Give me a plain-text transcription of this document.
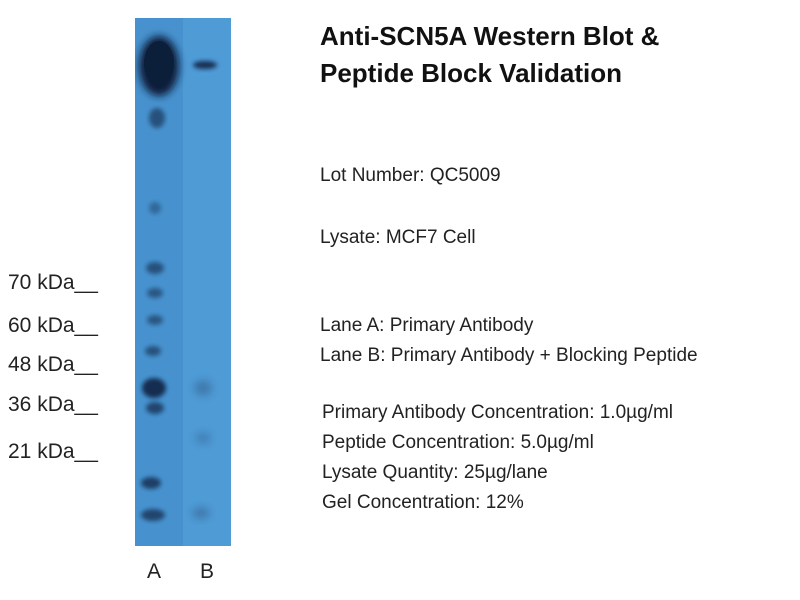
Anti-SCN5A Western Blot &
Peptide Block Validation
Lot Number: QC5009
Lysate: MCF7 Cell
Lane A: Primary Antibody
Lane B: Primary Antibody + Blocking Peptide
Primary Antibody Concentration: 1.0µg/ml
Peptide Concentration: 5.0µg/ml
Lysate Quantity: 25µg/lane
Gel Concentration: 12%
70 kDa__
60 kDa__
48 kDa__
36 kDa__
21 kDa__
A B
